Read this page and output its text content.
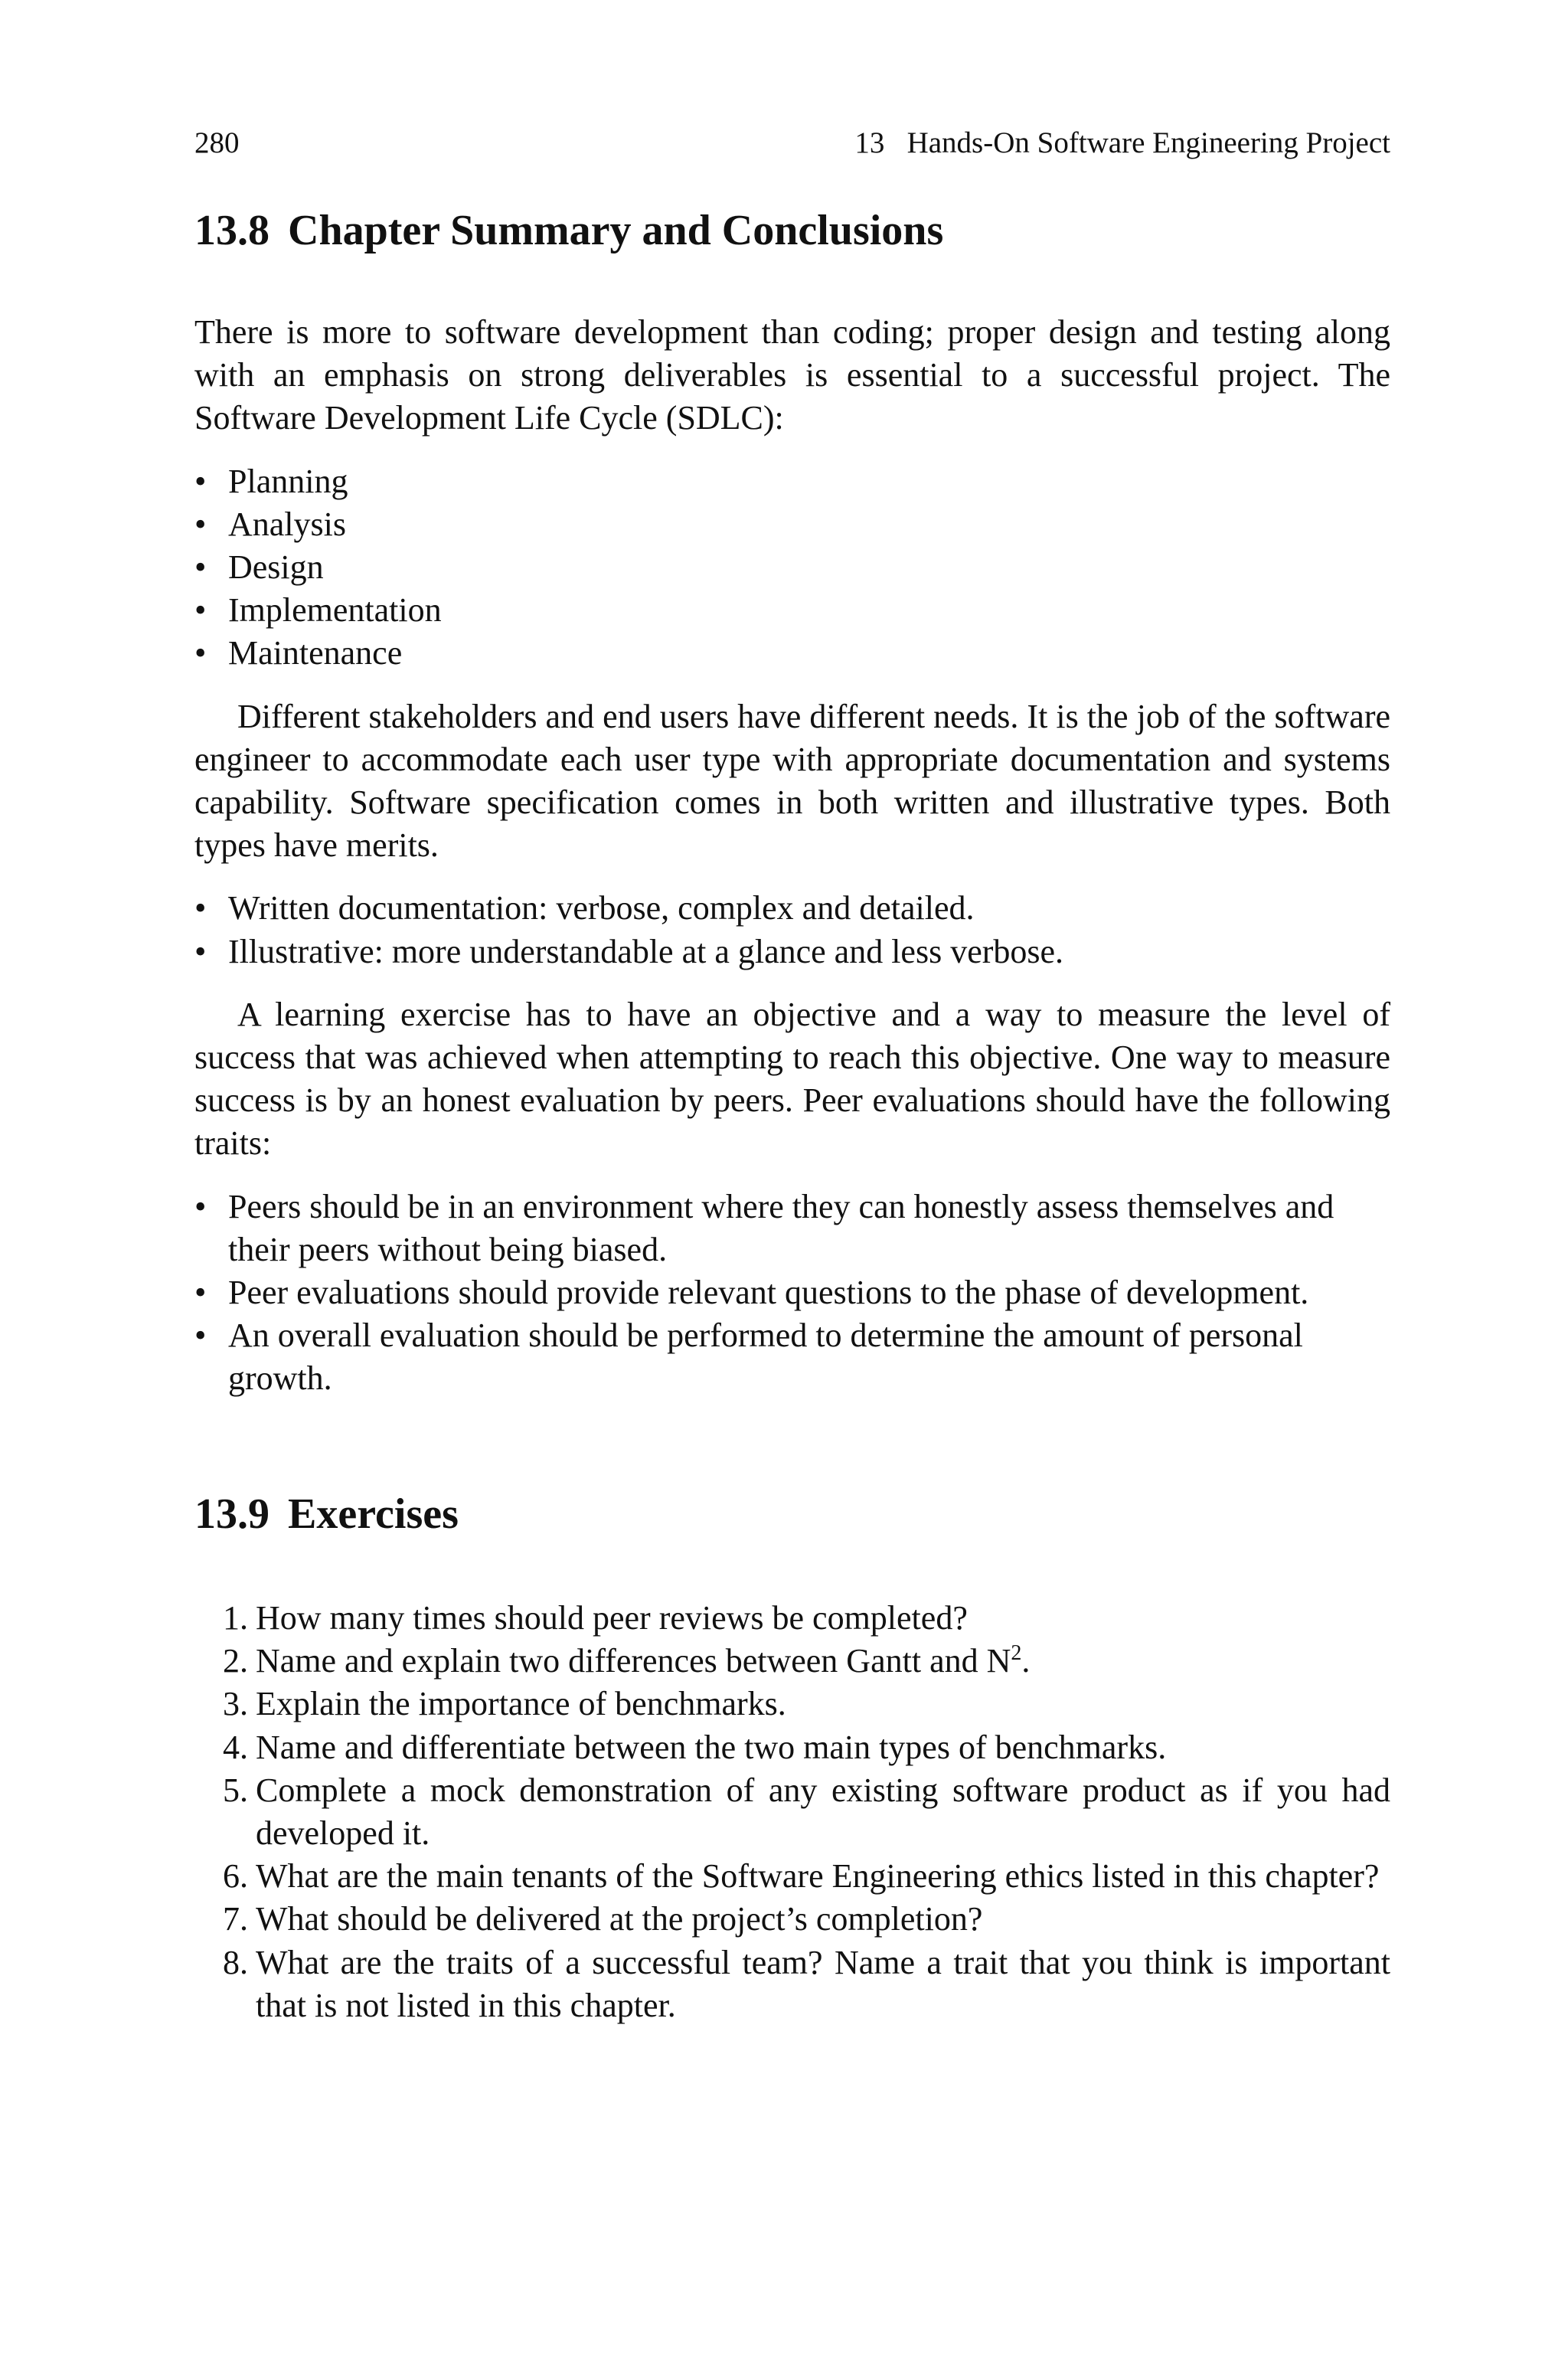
280	13   Hands-On Software Engineering Project
13.8 Chapter Summary and Conclusions

There is more to software development than coding; proper design and testing along with an emphasis on strong deliverables is essential to a successful project. The Software Development Life Cycle (SDLC):

• Planning
• Analysis
• Design
• Implementation
• Maintenance

Different stakeholders and end users have different needs. It is the job of the software engineer to accommodate each user type with appropriate documentation and systems capability. Software specification comes in both written and illustrative types. Both types have merits.

• Written documentation: verbose, complex and detailed.
• Illustrative: more understandable at a glance and less verbose.

A learning exercise has to have an objective and a way to measure the level of success that was achieved when attempting to reach this objective. One way to measure success is by an honest evaluation by peers. Peer evaluations should have the following traits:

• Peers should be in an environment where they can honestly assess themselves and their peers without being biased.
• Peer evaluations should provide relevant questions to the phase of development.
• An overall evaluation should be performed to determine the amount of personal growth.
13.9 Exercises
1. How many times should peer reviews be completed?
2. Name and explain two differences between Gantt and $N^2$.
3. Explain the importance of benchmarks.
4. Name and differentiate between the two main types of benchmarks.
5. Complete a mock demonstration of any existing software product as if you had developed it.
6. What are the main tenants of the Software Engineering ethics listed in this chapter?
7. What should be delivered at the project’s completion?
8. What are the traits of a successful team? Name a trait that you think is important that is not listed in this chapter.
